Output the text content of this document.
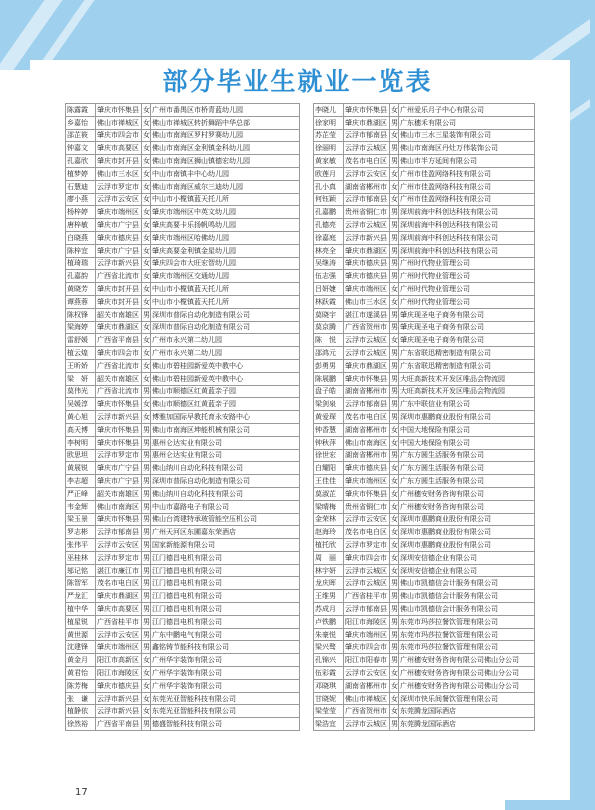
部分毕业生就业一览表
陈露霞	肇庆市怀集县	女	广州市番禺区市桥青蓝幼儿园
乡嘉怡	佛山市禅城区	女	佛山市禅城区转折舞蹈中华总部
邵芷筱	肇庆市四会市	女	佛山市南海区罗村罗赛幼儿园
钟嘉文	肇庆市高要区	女	佛山市南海区金利镇金科幼儿园
孔嘉欣	肇庆市封开县	女	佛山市南海区狮山镇德宏幼儿园
植梦婷	佛山市三水区	女	中山市南镇丰中心幼儿园
石慧迪	云浮市罗定市	女	佛山市南海区威尔三迪幼儿园
廖小燕	云浮市云安区	女	中山市小榄镇蓝天托儿所
杨梓婷	肇庆市端州区	女	肇庆市端州区中英文幼儿园
唐梓敏	肇庆市广宁县	女	肇庆高要卡乐扬帆鸣幼儿园
白晓燕	肇庆市德庆县	女	肇庆市端州区哈佛幼儿园
陈梓宜	肇庆市广宁县	女	肇庆高要金利镇金星幼儿园
植琦瑞	云浮市新兴县	女	肇庆四会市大旺宏智幼儿园
孔嘉韵	广西省北流市	女	肇庆市端州区交通幼儿园
黄晓芳	肇庆市封开县	女	中山市小榄镇蓝天托儿所
谭燕蓉	肇庆市封开县	女	中山市小榄镇蓝天托儿所
陈权锋	韶关市南雄区	男	深圳市普际自动化制造有限公司
梁海婷	肇庆市鼎湖区	女	深圳市普际自动化制造有限公司
雷舒媛	广西省平南县	女	广州市永兴第二幼儿园
植云煌	肇庆市四会市	女	广州市永兴第二幼儿园
王昕娇	广西省北流市	女	佛山市碧桂园新爱英中教中心
梁　妍	韶关市南雄区	女	佛山市碧桂园新爱英中教中心
莫伟光	广西省北流市	男	佛山市顺德区红黄蓝亲子园
吴媛淳	肇庆市怀集县	女	佛山市顺德区红黄蓝亲子园
黄心旭	云浮市新兴县	女	博雅加国际早教托育永安路中心
高天博	肇庆市怀集县	男	佛山市南海区坤能机械有限公司
李树明	肇庆市怀集县	男	惠州仑达实业有限公司
欧思坦	云浮市罗定市	男	惠州仑达实业有限公司
黄展锐	肇庆市广宁县	男	佛山纳川自动化科技有限公司
李志超	肇庆市广宁县	男	深圳市普际自动化制造有限公司
严正峰	韶关市南雄区	男	佛山纳川自动化科技有限公司
韦金辉	佛山市南海区	男	中山市嘉路电子有限公司
梁玉景	肇庆市怀集县	男	佛山台湾建特承玻管能空压机公司
罗志彬	云浮市郁南县	男	广州天河区东圃嘉东荣酒店
张伟平	云浮市云安区	男	国家新能源有限公司
巫桂林	云浮市罗定市	男	江门德昌电机有限公司
邬记铭	湛江市廉江市	男	江门德昌电机有限公司
陈智军	茂名市电白区	男	江门德昌电机有限公司
严龙汇	肇庆市鼎湖区	男	江门德昌电机有限公司
植中华	肇庆市高要区	男	江门德昌电机有限公司
植星锐	广西省桂平市	男	江门德昌电机有限公司
黄世源	云浮市云安区	男	广东中鹏电气有限公司
沈建锋	肇庆市端州区	男	鑫铭铸节能科技有限公司
黄金月	阳江市高新区	女	广州华宇装饰有限公司
黄君怡	阳江市海陵区	女	广州华宇装饰有限公司
陈芳梅	肇庆市德庆县	女	广州华宇装饰有限公司
张　谦	云浮市新兴县	女	东莞光亚智能科技有限公司
植静依	云浮市新兴县	女	东莞光亚智能科技有限公司
徐然裕	广西省平南县	男	德盛智能科技有限公司
李晓儿	肇庆市怀集县	女	广州爱乐月子中心有限公司
徐家明	肇庆市鼎湖区	男	广东穗禾有限公司
苏芷莹	云浮市郁南县	女	佛山市三水三星装饰有限公司
徐丽明	云浮市云城区	男	佛山市南海区丹灶万伟装饰公司
黄家敏	茂名市电白区	男	佛山市半方延间有限公司
欧莲月	云浮市云安区	女	广州市佳盈网络科技有限公司
孔小真	湖南省郴州市	女	广州市佳盈网络科技有限公司
何钰颖	云浮市郁南县	女	广州市佳盈网络科技有限公司
孔嘉鹏	贵州省铜仁市	男	深圳前海中科创达科技有限公司
孔德亮	云浮市云城区	男	深圳前海中科创达科技有限公司
徐嘉庭	云浮市新兴县	男	深圳前海中科创达科技有限公司
林亮全	肇庆市鼎湖区	男	深圳前海中科创达科技有限公司
吴继涛	肇庆市德庆县	男	广州时代物业管理公司
伍志强	肇庆市德庆县	男	广州时代物业管理公司
吕妍婕	肇庆市端州区	女	广州时代物业管理公司
林跃霞	佛山市三水区	女	广州时代物业管理公司
莫晓宇	湛江市遂溪县	男	肇庆现圣电子商务有限公司
莫京腾	广西省贺州市	男	肇庆现圣电子商务有限公司
陈　悦	云浮市云城区	女	肇庆现圣电子商务有限公司
邵鸿元	云浮市云城区	男	广东省联迅精密制造有限公司
彭勇男	肇庆市鼎湖区	男	广东省联迅精密制造有限公司
陈展鹏	肇庆市怀集县	男	大旺高新技术开发区唯品会物流园
盘子皓	湖南省郴州市	男	大旺高新技术开发区唯品会物流园
梁剑泉	云浮市郁南县	男	广东中联信业有限公司
黄爱琛	茂名市电白区	男	深圳市惠鹏商业股份有限公司
钟香慧	湖南省郴州市	女	中国大地保险有限公司
钟秋萍	佛山市南海区	女	中国大地保险有限公司
徐世宏	湖南省郴州市	男	广东方圆生活服务有限公司
白耀阳	肇庆市德庆县	女	广东方圆生活服务有限公司
王佳佳	肇庆市端州区	女	广东方圆生活服务有限公司
莫淑芷	肇庆市怀集县	女	广州穗安财务咨询有限公司
梁晴梅	贵州省铜仁市	女	广州穗安财务咨询有限公司
金荣林	云浮市云安区	女	深圳市惠鹏商业股份有限公司
赵海玲	茂名市电白区	女	深圳市惠鹏商业股份有限公司
植托欣	云浮市罗定市	女	深圳市惠鹏商业股份有限公司
周　丽	肇庆市四会市	女	深圳安信德企业有限公司
林宇妍	云浮市云城区	女	深圳安信德企业有限公司
龙庆晖	云浮市云城区	男	佛山市凯德信会计服务有限公司
王维男	广西省桂平市	男	佛山市凯德信会计服务有限公司
苏成月	云浮市郁南县	男	佛山市凯德信会计服务有限公司
卢铁鹏	阳江市海陵区	男	东莞市玛莎拉餐饮管理有限公司
朱豪悦	肇庆市端州区	男	东莞市玛莎拉餐饮管理有限公司
梁兴骜	肇庆市四会市	男	东莞市玛莎拉餐饮管理有限公司
孔锦兴	阳江市阳春市	男	广州穗安财务咨询有限公司佛山分公司
伍彩霞	云浮市云安区	女	广州穗安财务咨询有限公司佛山分公司
邓晓琪	湖南省郴州市	女	广州穗安财务咨询有限公司佛山分公司
甘晓妮	佛山市禅城区	女	深圳市快乐间餐饮管理有限公司
梁莹莹	广西省贺州市	女	东莞腾龙国际酒店
梁浩宜	云浮市云城区	男	东莞腾龙国际酒店
17
